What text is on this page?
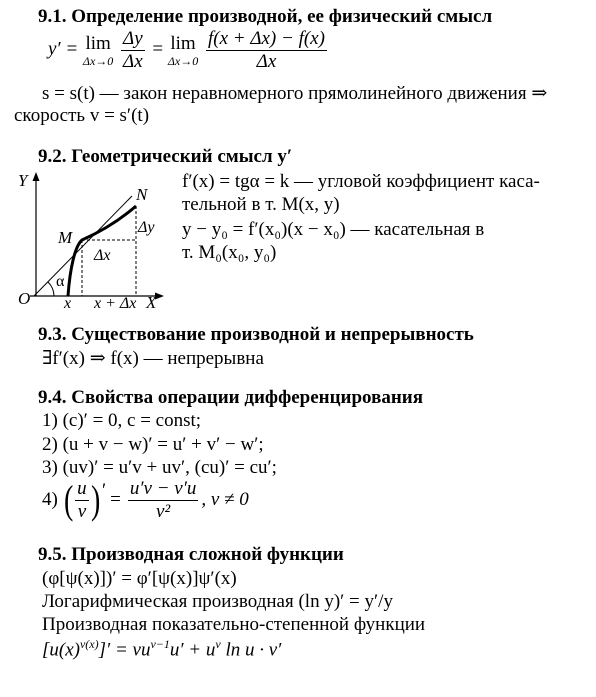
9.1. Определение производной, ее физический смысл
y′ = lim
Δx→0
$\frac{\Delta y}{\Delta x} = \lim$
Δx→0
$\frac{f(x + \Delta x) - f(x)}{\Delta x}$
s = s(t) — закон неравномерного прямолинейного движения ⇒
скорость v = s′(t)
9.2. Геометрический смысл y′
Y
X
O
M
N
α
Δy
Δx
x x + Δx
f′(x) = tgα = k — угловой коэффициент каса-
тельной в т. M(x, y)
y − y₀ = f′(x₀)(x − x₀) — касательная в
т. M₀(x₀, y₀)
9.3. Существование производной и непрерывность
∃f′(x) ⇒ f(x) — непрерывна
9.4. Свойства операции дифференцирования
1) (c)′ = 0, c = const;
2) (u + v − w)′ = u′ + v′ − w′;
3) (uv)′ = u′v + uv′, (cu)′ = cu′;
4) ( $\frac{u}{v}$ ) ′ = $\frac{u'v - v'u}{\text{v²}}$ , v ≠ 0
9.5. Производная сложной функции
(φ[ψ(x)])′ = φ′[ψ(x)]ψ′(x)
Логарифмическая производная (ln y)′ = y′/y
Производная показательно-степенной функции
$[u(x)^{v(x)}]' = vu^{v-1}u' + u^v$ ln u · v′
